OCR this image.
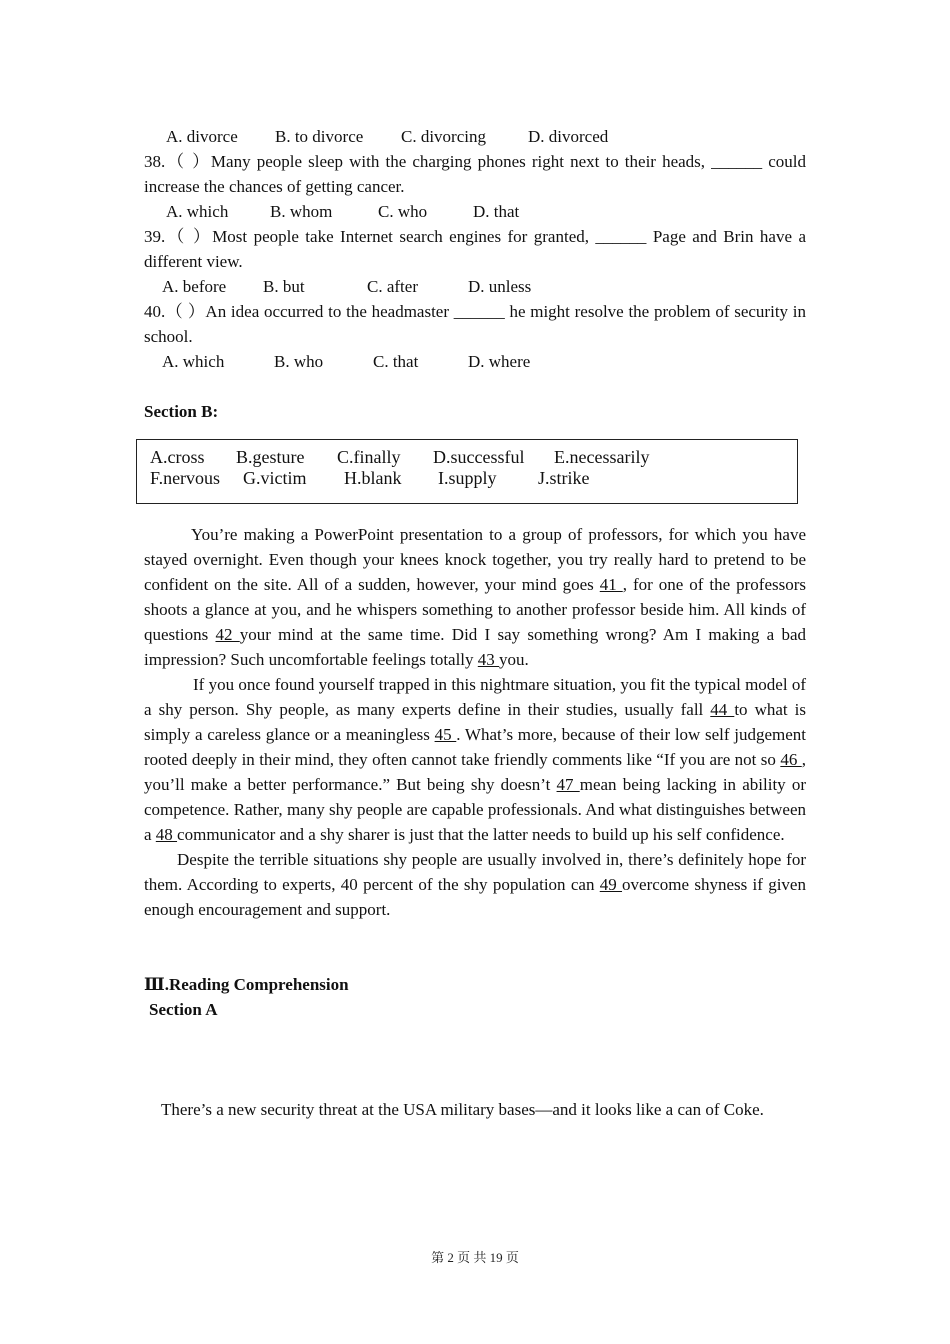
A. divorce B. to divorce C. divorcing D. divorced
38.（ ）Many people sleep with the charging phones right next to their heads, ______ could increase the chances of getting cancer.
A. which B. whom	C. who	D. that
39.（ ）Most people take Internet search engines for granted, ______ Page and Brin have a different view.
A. before B. but	C. after	D. unless
40.（ ）An idea occurred to the headmaster ______ he might resolve the problem of security in school.
A. which	B. who	C. that	D. where
Section B:
A.cross B.gesture C.finally D.successful E.necessarily
F.nervous G.victim H.blank I.supply J.strike
You’re making a PowerPoint presentation to a group of professors, for which you have stayed overnight. Even though your knees knock together, you try really hard to pretend to be confident on the site. All of a sudden, however, your mind goes 41 , for one of the professors shoots a glance at you, and he whispers something to another professor beside him. All kinds of questions 42 your mind at the same time. Did I say something wrong? Am I making a bad impression? Such uncomfortable feelings totally 43 you.
If you once found yourself trapped in this nightmare situation, you fit the typical model of a shy person. Shy people, as many experts define in their studies, usually fall 44 to what is simply a careless glance or a meaningless 45 . What’s more, because of their low self judgement rooted deeply in their mind, they often cannot take friendly comments like “If you are not so 46 , you’ll make a better performance.” But being shy doesn’t 47 mean being lacking in ability or competence. Rather, many shy people are capable professionals. And what distinguishes between a 48 communicator and a shy sharer is just that the latter needs to build up his self confidence.
Despite the terrible situations shy people are usually involved in, there’s definitely hope for them. According to experts, 40 percent of the shy population can 49 overcome shyness if given enough encouragement and support.
Ⅲ.Reading Comprehension
Section A
There’s a new security threat at the USA military bases—and it looks like a can of Coke.
第 2 页 共 19 页
